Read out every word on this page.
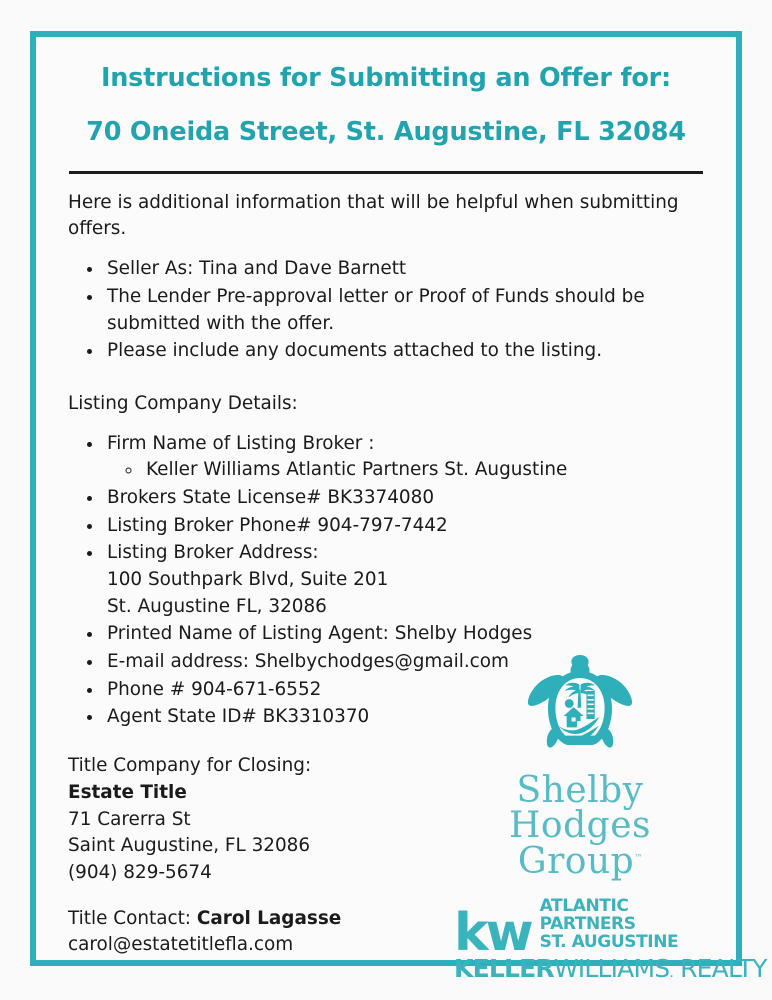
Instructions for Submitting an Offer for:
70 Oneida Street, St. Augustine, FL 32084
Here is additional information that will be helpful when submitting offers.
• Seller As: Tina and Dave Barnett
• The Lender Pre-approval letter or Proof of Funds should be submitted with the offer.
• Please include any documents attached to the listing.
Listing Company Details:
• Firm Name of Listing Broker :
◦ Keller Williams Atlantic Partners St. Augustine
• Brokers State License# BK3374080
• Listing Broker Phone# 904-797-7442
• Listing Broker Address:
100 Southpark Blvd, Suite 201
St. Augustine FL, 32086
• Printed Name of Listing Agent: Shelby Hodges
• E-mail address: Shelbychodges@gmail.com
• Phone # 904-671-6552
• Agent State ID# BK3310370
Title Company for Closing:
Estate Title
71 Carerra St
Saint Augustine, FL 32086
(904) 829-5674
Title Contact: Carol Lagasse
carol@estatetitlefla.com
Shelby Hodges
Group™
kw ATLANTIC PARTNERS
ST. AUGUSTINE
KELLERWILLIAMS. REALTY
